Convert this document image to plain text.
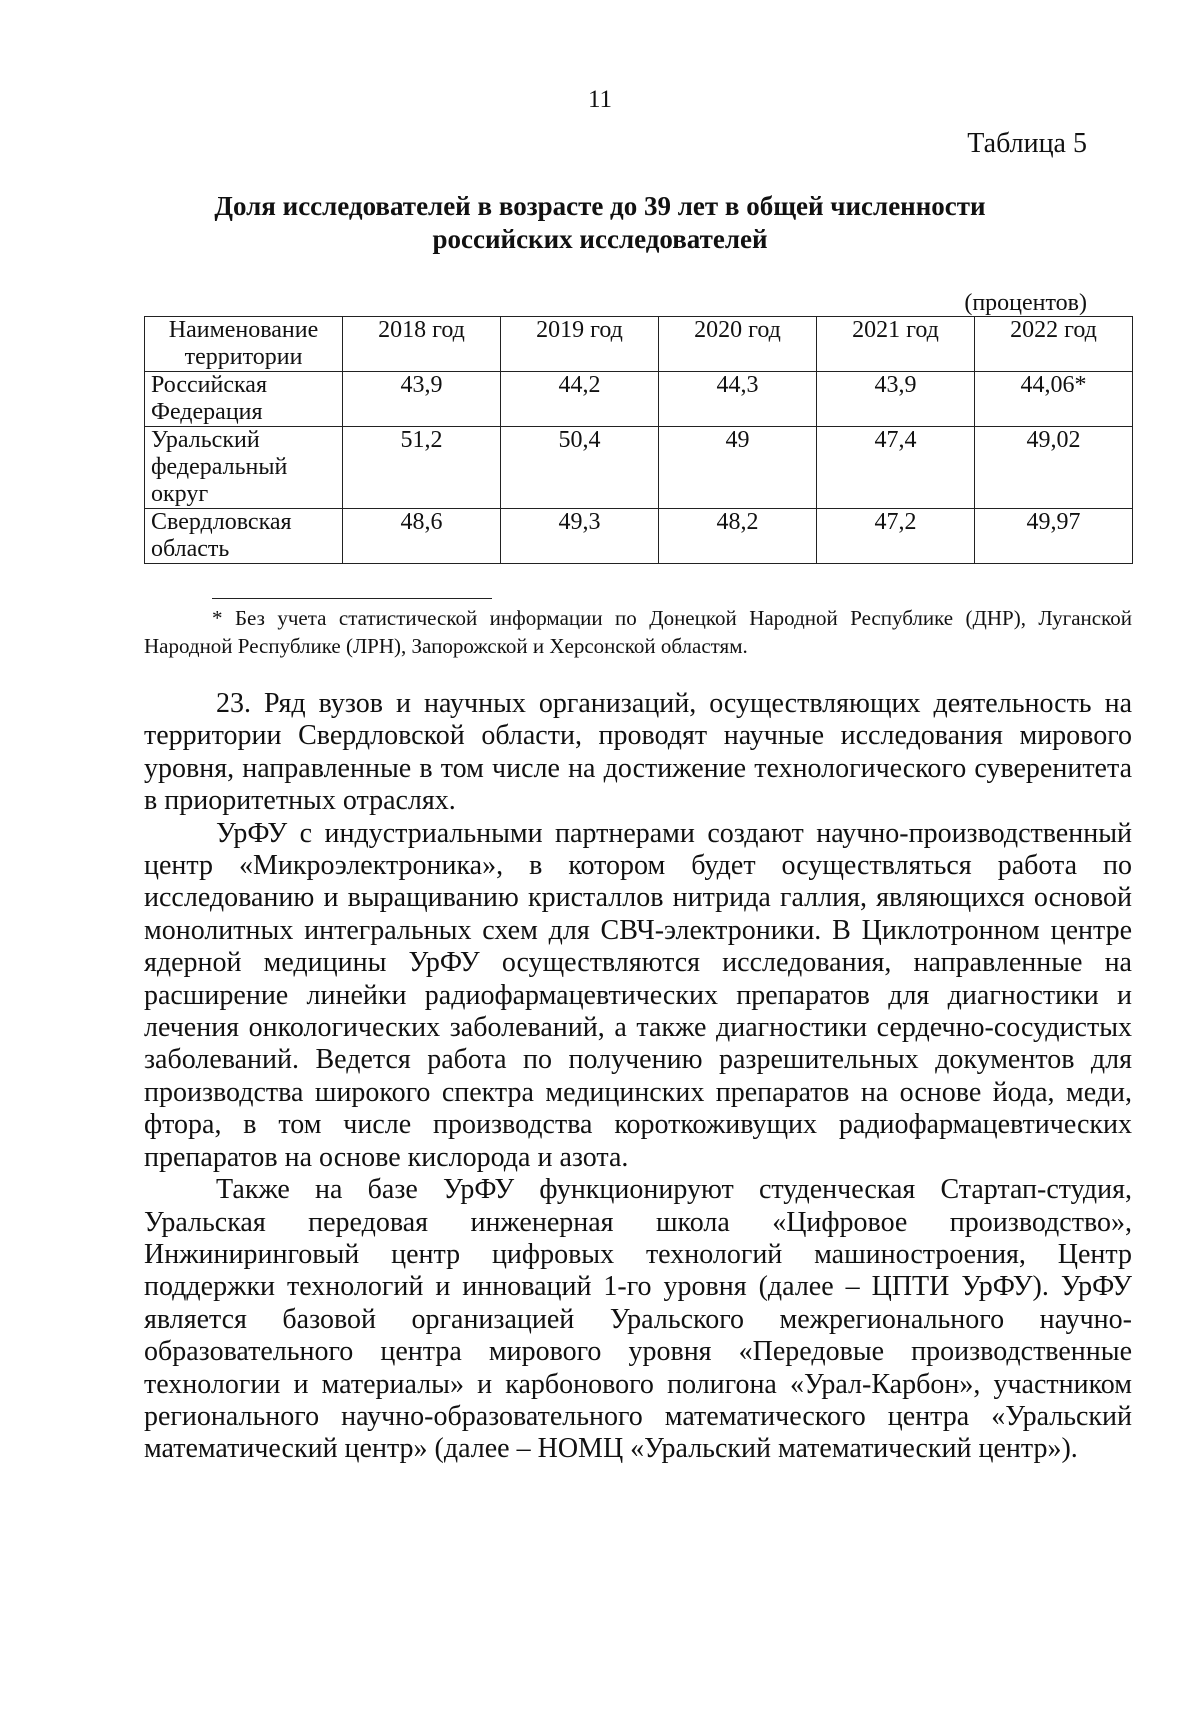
11
Таблица 5
Доля исследователей в возрасте до 39 лет в общей численности
российских исследователей
(процентов)
Наименование территории	2018 год	2019 год	2020 год	2021 год	2022 год
Российская Федерация	43,9	44,2	44,3	43,9	44,06*
Уральский федеральный округ	51,2	50,4	49	47,4	49,02
Свердловская область	48,6	49,3	48,2	47,2	49,97
* Без учета статистической информации по Донецкой Народной Республике (ДНР), Луганской Народной Республике (ЛРН), Запорожской и Херсонской областям.

23. Ряд вузов и научных организаций, осуществляющих деятельность на территории Свердловской области, проводят научные исследования мирового уровня, направленные в том числе на достижение технологического суверенитета в приоритетных отраслях.

УрФУ с индустриальными партнерами создают научно-производственный центр «Микроэлектроника», в котором будет осуществляться работа по исследованию и выращиванию кристаллов нитрида галлия, являющихся основой монолитных интегральных схем для СВЧ-электроники. В Циклотронном центре ядерной медицины УрФУ осуществляются исследования, направленные на расширение линейки радиофармацевтических препаратов для диагностики и лечения онкологических заболеваний, а также диагностики сердечно-сосудистых заболеваний. Ведется работа по получению разрешительных документов для производства широкого спектра медицинских препаратов на основе йода, меди, фтора, в том числе производства короткоживущих радиофармацевтических препаратов на основе кислорода и азота.

Также на базе УрФУ функционируют студенческая Стартап-студия, Уральская передовая инженерная школа «Цифровое производство», Инжиниринговый центр цифровых технологий машиностроения, Центр поддержки технологий и инноваций 1-го уровня (далее – ЦПТИ УрФУ). УрФУ является базовой организацией Уральского межрегионального научно-образовательного центра мирового уровня «Передовые производственные технологии и материалы» и карбонового полигона «Урал-Карбон», участником регионального научно-образовательного математического центра «Уральский математический центр» (далее – НОМЦ «Уральский математический центр»).
